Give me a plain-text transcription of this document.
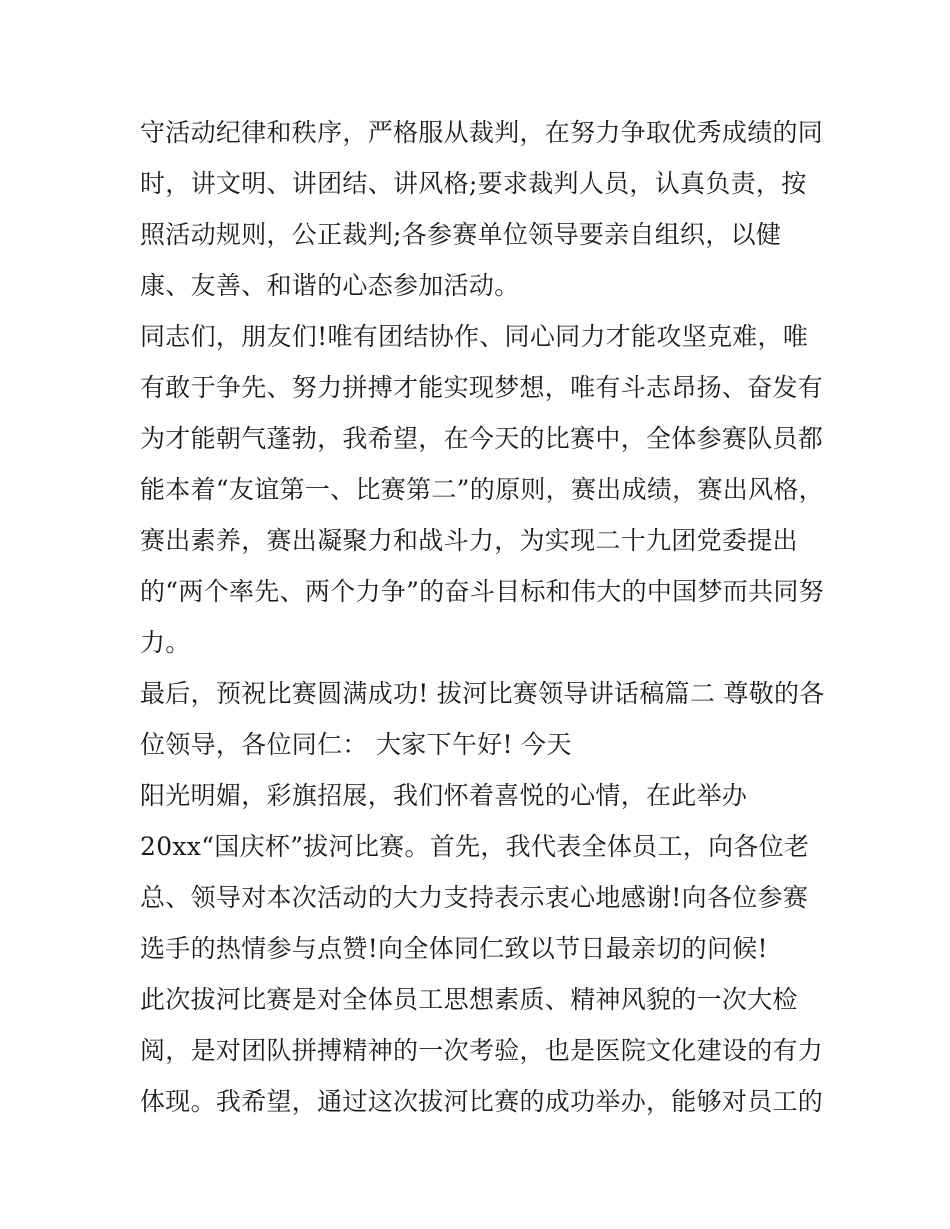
守活动纪律和秩序，严格服从裁判，在努力争取优秀成绩的同
时，讲文明、讲团结、讲风格;要求裁判人员，认真负责，按
照活动规则，公正裁判;各参赛单位领导要亲自组织，以健
康、友善、和谐的心态参加活动。
同志们，朋友们!唯有团结协作、同心同力才能攻坚克难，唯
有敢于争先、努力拼搏才能实现梦想，唯有斗志昂扬、奋发有
为才能朝气蓬勃，我希望，在今天的比赛中，全体参赛队员都
能本着“友谊第一、比赛第二”的原则，赛出成绩，赛出风格，
赛出素养，赛出凝聚力和战斗力，为实现二十九团党委提出
的“两个率先、两个力争”的奋斗目标和伟大的中国梦而共同努
力。
最后，预祝比赛圆满成功! 拔河比赛领导讲话稿篇二 尊敬的各
位领导，各位同仁： 大家下午好! 今天
阳光明媚，彩旗招展，我们怀着喜悦的心情，在此举办
20xx“国庆杯”拔河比赛。首先，我代表全体员工，向各位老
总、领导对本次活动的大力支持表示衷心地感谢!向各位参赛
选手的热情参与点赞!向全体同仁致以节日最亲切的问候!
此次拔河比赛是对全体员工思想素质、精神风貌的一次大检
阅，是对团队拼搏精神的一次考验，也是医院文化建设的有力
体现。我希望，通过这次拔河比赛的成功举办，能够对员工的
